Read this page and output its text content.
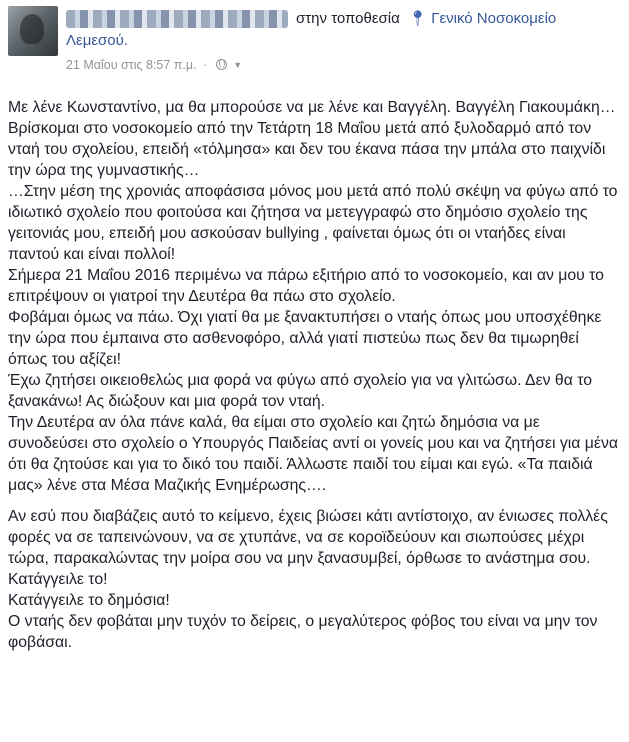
στην τοποθεσία 📍︎ Γενικό Νοσοκομείο
Λεμεσού.
21 Μαΐου στις 8:57 π.μ. ·	▼

Με λένε Κωνσταντίνο, μα θα μπορούσε να με λένε και Βαγγέλη. Βαγγέλη Γιακουμάκη…

Βρίσκομαι στο νοσοκομείο από την Τετάρτη 18 Μαΐου μετά από ξυλοδαρμό από τον νταή του σχολείου, επειδή «τόλμησα» και δεν του έκανα πάσα την μπάλα στο παιχνίδι την ώρα της γυμναστικής…

…Στην μέση της χρονιάς αποφάσισα μόνος μου μετά από πολύ σκέψη να φύγω από το ιδιωτικό σχολείο που φοιτούσα και ζήτησα να μετεγγραφώ στο δημόσιο σχολείο της γειτονιάς μου, επειδή μου ασκούσαν bullying , φαίνεται όμως ότι οι νταήδες είναι παντού και είναι πολλοί!

Σήμερα 21 Μαΐου 2016 περιμένω να πάρω εξιτήριο από το νοσοκομείο, και αν μου το επιτρέψουν οι γιατροί την Δευτέρα θα πάω στο σχολείο.

Φοβάμαι όμως να πάω. Όχι γιατί θα με ξανακτυπήσει ο νταής όπως μου υποσχέθηκε την ώρα που έμπαινα στο ασθενοφόρο, αλλά γιατί πιστεύω πως δεν θα τιμωρηθεί όπως του αξίζει!

Έχω ζητήσει οικειοθελώς μια φορά να φύγω από σχολείο για να γλιτώσω. Δεν θα το ξανακάνω! Ας διώξουν και μια φορά τον νταή.

Την Δευτέρα αν όλα πάνε καλά, θα είμαι στο σχολείο και ζητώ δημόσια να με συνοδεύσει στο σχολείο ο Υπουργός Παιδείας αντί οι γονείς μου και να ζητήσει για μένα ότι θα ζητούσε και για το δικό του παιδί. Άλλωστε παιδί του είμαι και εγώ. «Τα παιδιά μας» λένε στα Μέσα Μαζικής Ενημέρωσης….

Αν εσύ που διαβάζεις αυτό το κείμενο, έχεις βιώσει κάτι αντίστοιχο, αν ένιωσες πολλές φορές να σε ταπεινώνουν, να σε χτυπάνε, να σε κοροϊδεύουν και σιωπούσες μέχρι τώρα, παρακαλώντας την μοίρα σου να μην ξανασυμβεί, όρθωσε το ανάστημα σου. Κατάγγειλε το!

Κατάγγειλε το δημόσια!

Ο νταής δεν φοβάται μην τυχόν το δείρεις, ο μεγαλύτερος φόβος του είναι να μην τον φοβάσαι.
